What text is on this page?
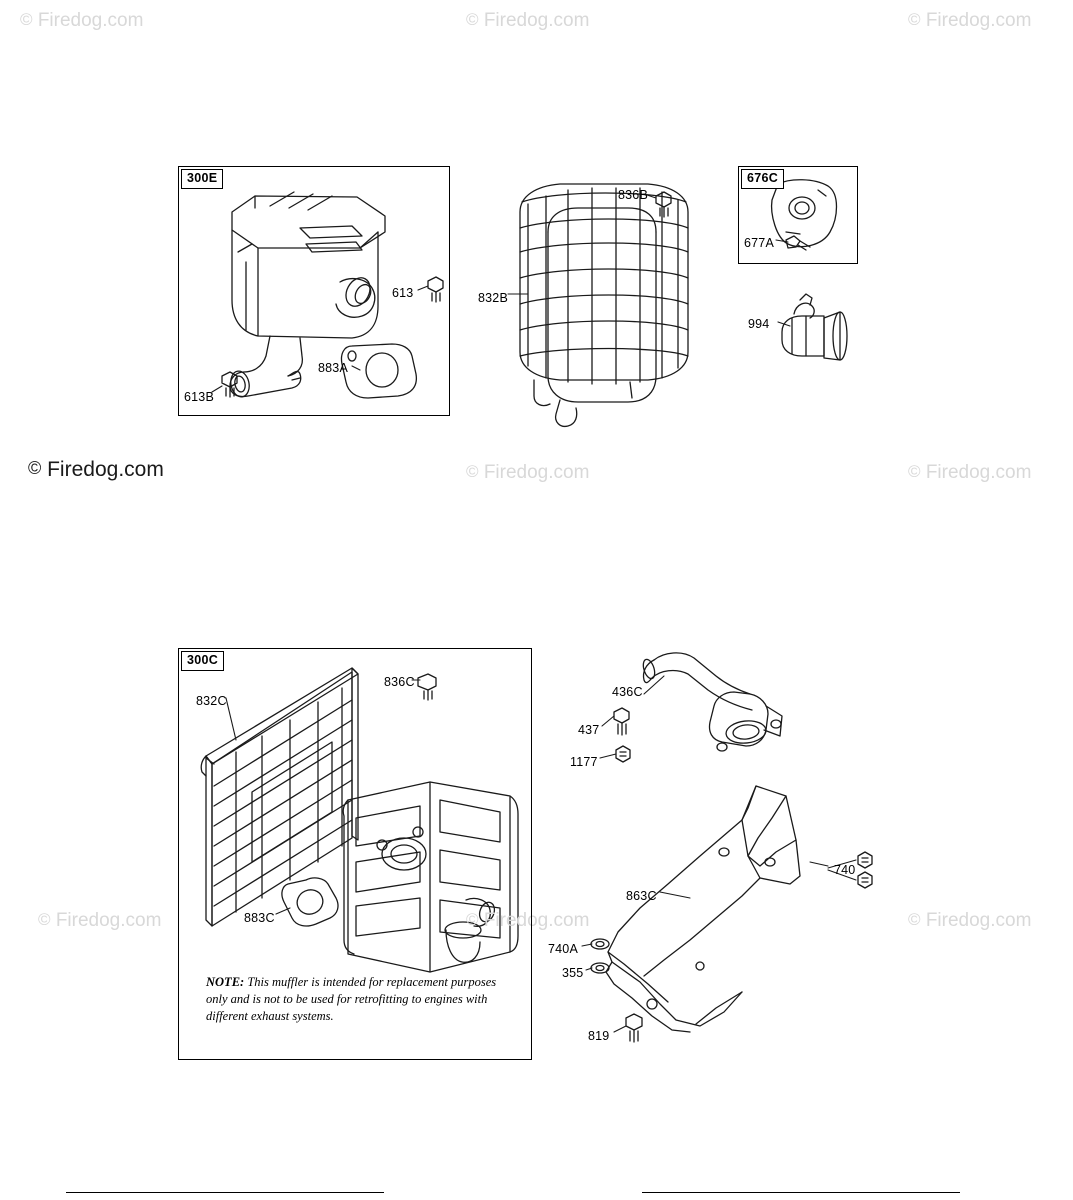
© Firedog.com	© Firedog.com	© Firedog.com
© Firedog.com	© Firedog.com	© Firedog.com
© Firedog.com	© Firedog.com	© Firedog.com
300E	676C
300C
613
613B
883A
832B
836B
677A
994
832C
836C
883C
436C
437
1177
740
863C
740A
355
819
NOTE: This muffler is intended for replacement purposes only and is not to be used for retrofitting to engines with different exhaust systems.
